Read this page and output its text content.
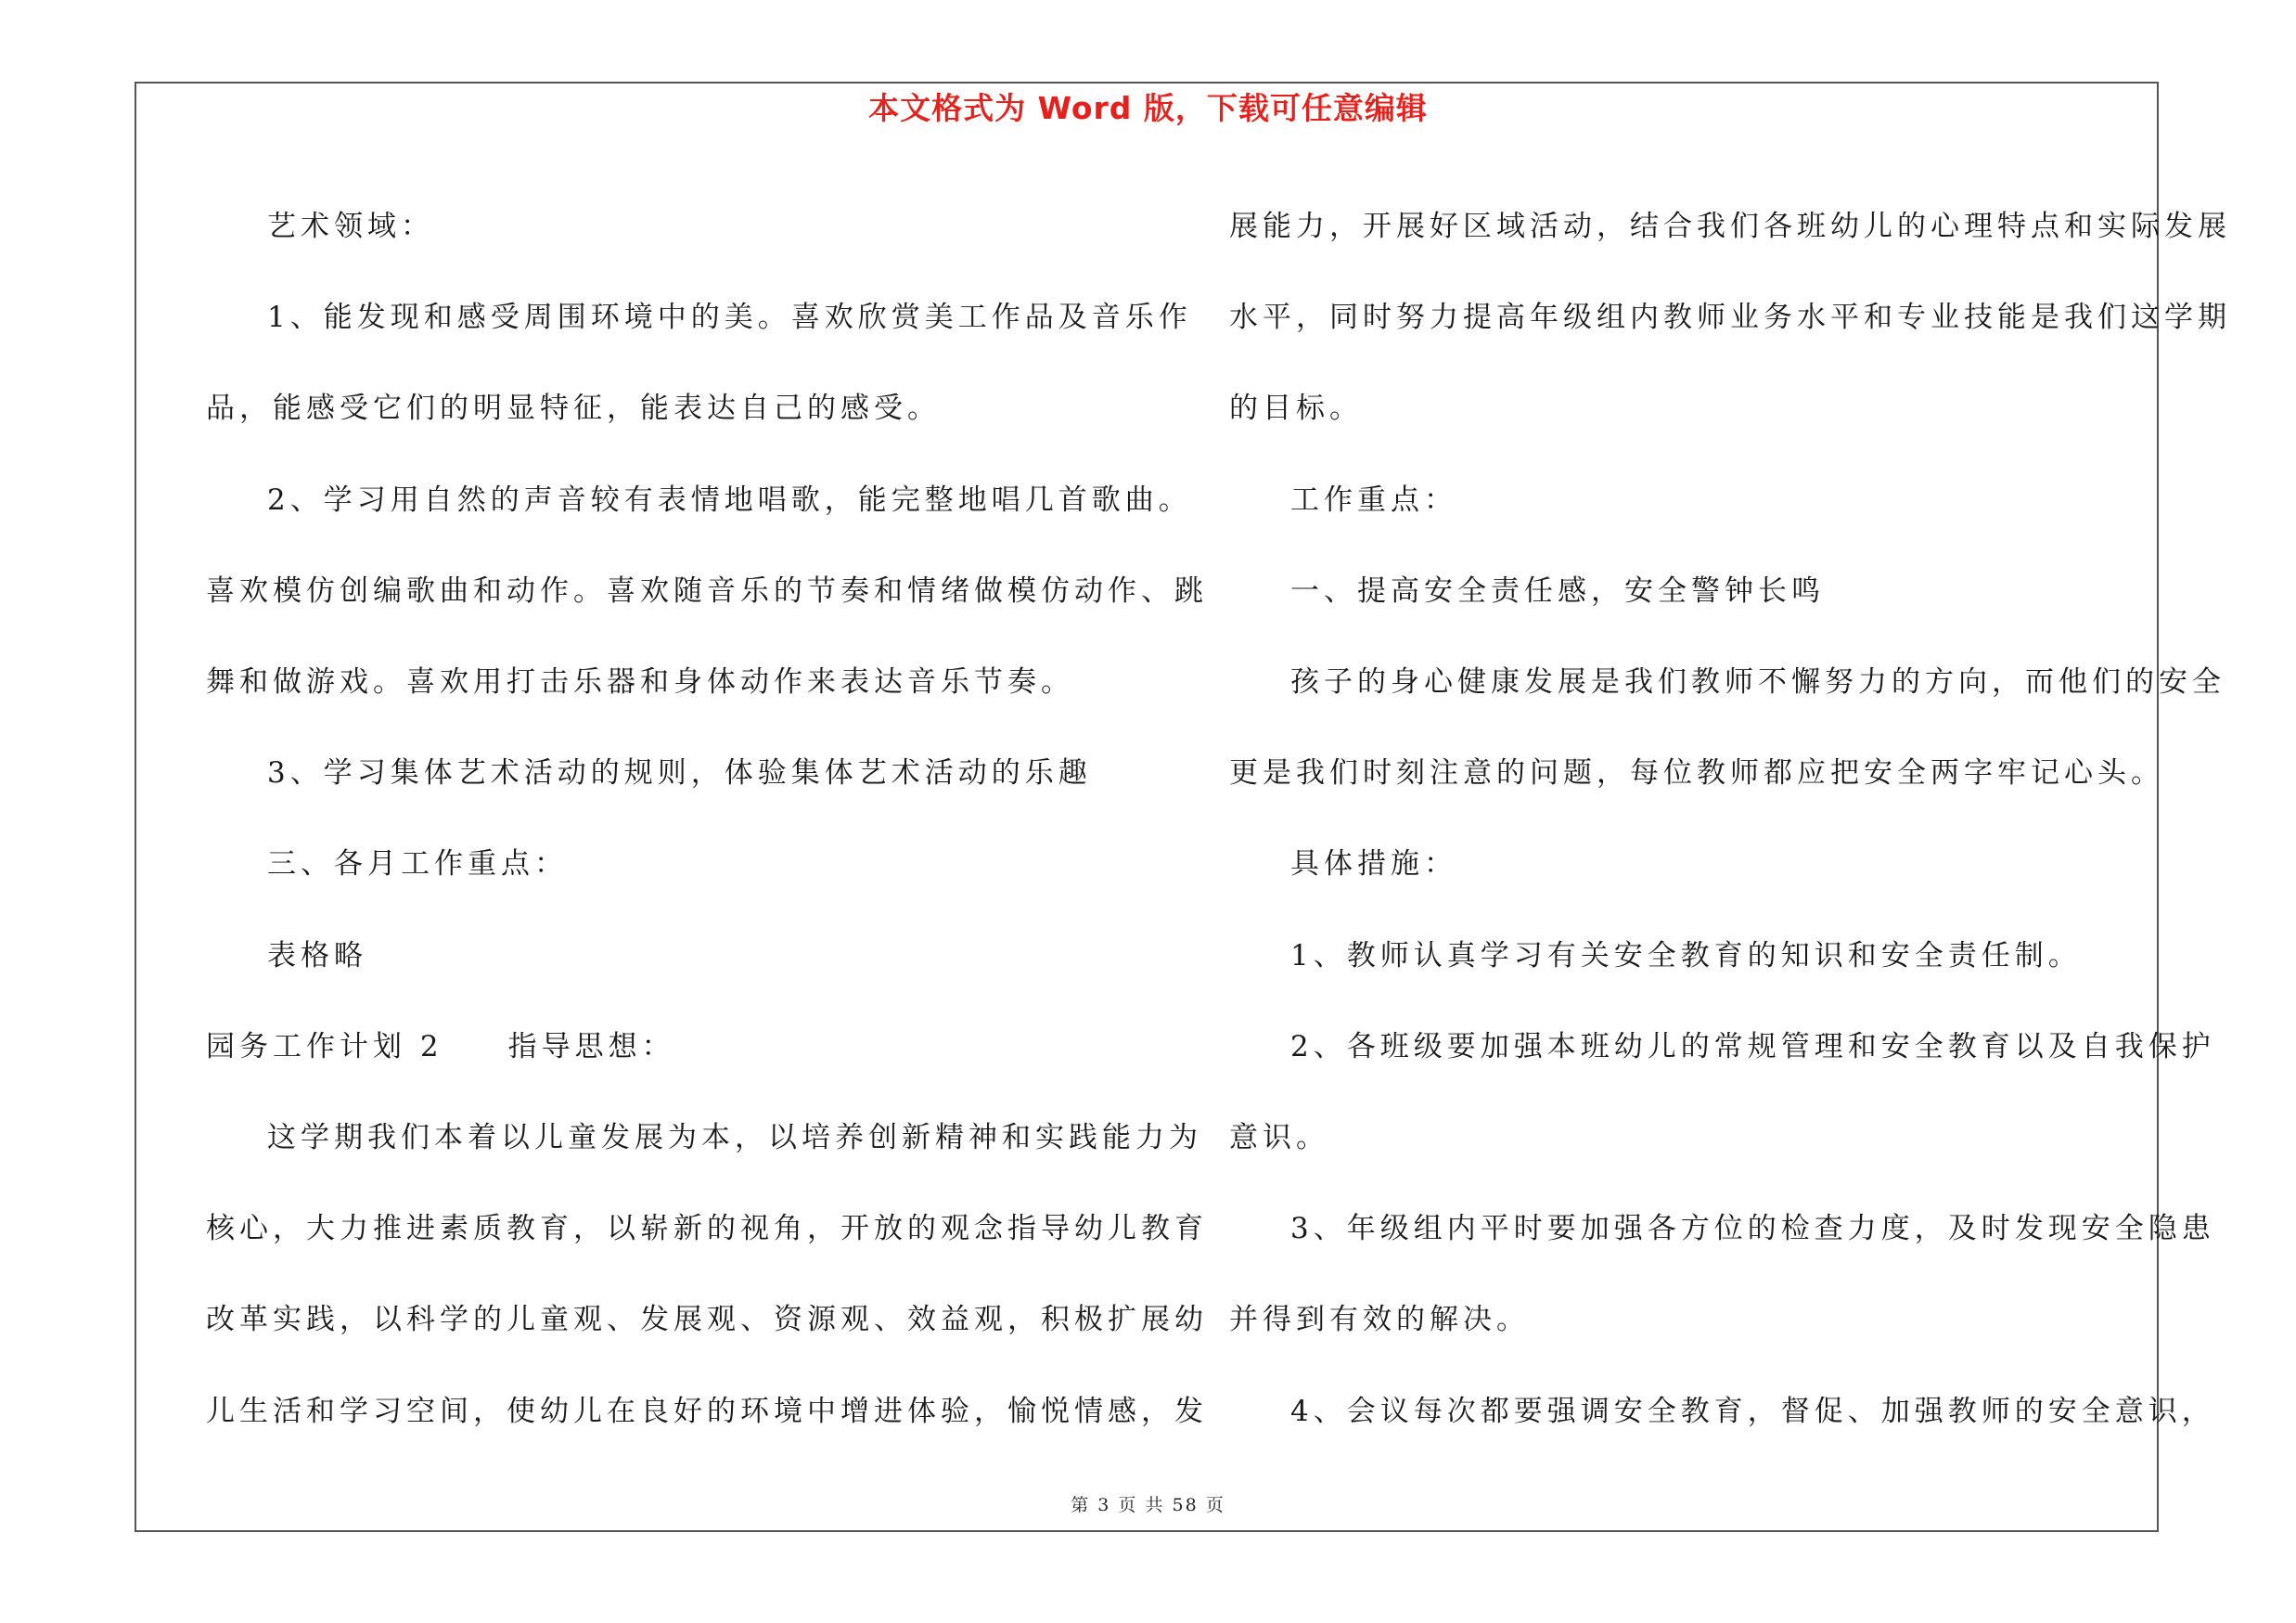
本文格式为 Word 版，下载可任意编辑

艺术领域：

1、能发现和感受周围环境中的美。喜欢欣赏美工作品及音乐作

品，能感受它们的明显特征，能表达自己的感受。

2、学习用自然的声音较有表情地唱歌，能完整地唱几首歌曲。

喜欢模仿创编歌曲和动作。喜欢随音乐的节奏和情绪做模仿动作、跳

舞和做游戏。喜欢用打击乐器和身体动作来表达音乐节奏。

3、学习集体艺术活动的规则，体验集体艺术活动的乐趣

三、各月工作重点：

表格略

园务工作计划 2 指导思想：

这学期我们本着以儿童发展为本，以培养创新精神和实践能力为

核心，大力推进素质教育，以崭新的视角，开放的观念指导幼儿教育

改革实践，以科学的儿童观、发展观、资源观、效益观，积极扩展幼

儿生活和学习空间，使幼儿在良好的环境中增进体验，愉悦情感，发

展能力，开展好区域活动，结合我们各班幼儿的心理特点和实际发展

水平，同时努力提高年级组内教师业务水平和专业技能是我们这学期

的目标。

工作重点：

一、提高安全责任感，安全警钟长鸣

孩子的身心健康发展是我们教师不懈努力的方向，而他们的安全

更是我们时刻注意的问题，每位教师都应把安全两字牢记心头。

具体措施：

1、教师认真学习有关安全教育的知识和安全责任制。

2、各班级要加强本班幼儿的常规管理和安全教育以及自我保护

意识。

3、年级组内平时要加强各方位的检查力度，及时发现安全隐患

并得到有效的解决。

4、会议每次都要强调安全教育，督促、加强教师的安全意识，

第 3 页 共 58 页
